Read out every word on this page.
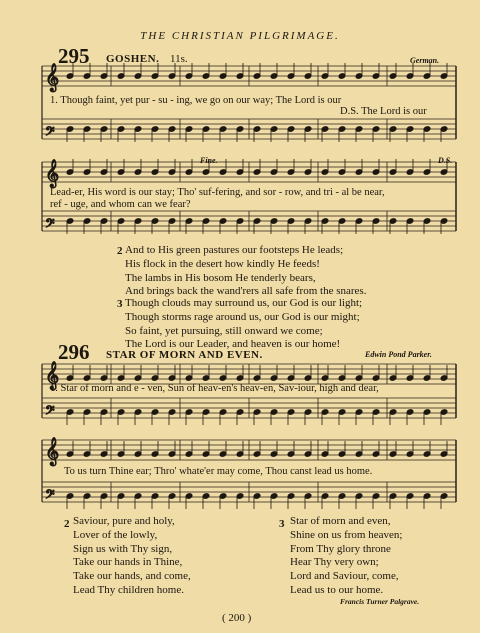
THE CHRISTIAN PILGRIMAGE.
𝄞
𝄢
𝄞
𝄢
𝄞
𝄢
𝄞
𝄢
295 GOSHEN. 11s.	German.
1. Though faint, yet pur - su - ing, we go on our way; The Lord is our
D.S. The Lord is our
Fine.	D.S.
Lead-er, His word is our stay; Tho' suf-fering, and sor - row, and tri - al be near,
ref - uge, and whom can we fear?
2 And to His green pastures our footsteps He leads;
His flock in the desert how kindly He feeds!
The lambs in His bosom He tenderly bears,
And brings back the wand'rers all safe from the snares.
3 Though clouds may surround us, our God is our light;
Though storms rage around us, our God is our might;
So faint, yet pursuing, still onward we come;
The Lord is our Leader, and heaven is our home!
296 STAR OF MORN AND EVEN.	Edwin Pond Parker.
1. Star of morn and e - ven, Sun of heav-en's heav-en, Sav-iour, high and dear,
To us turn Thine ear; Thro' whate'er may come, Thou canst lead us home.
2 Saviour, pure and holy,
Lover of the lowly,
Sign us with Thy sign,
Take our hands in Thine,
Take our hands, and come,
Lead Thy children home.
3 Star of morn and even,
Shine on us from heaven;
From Thy glory throne
Hear Thy very own;
Lord and Saviour, come,
Lead us to our home.
Francis Turner Palgrave.
( 200 )
